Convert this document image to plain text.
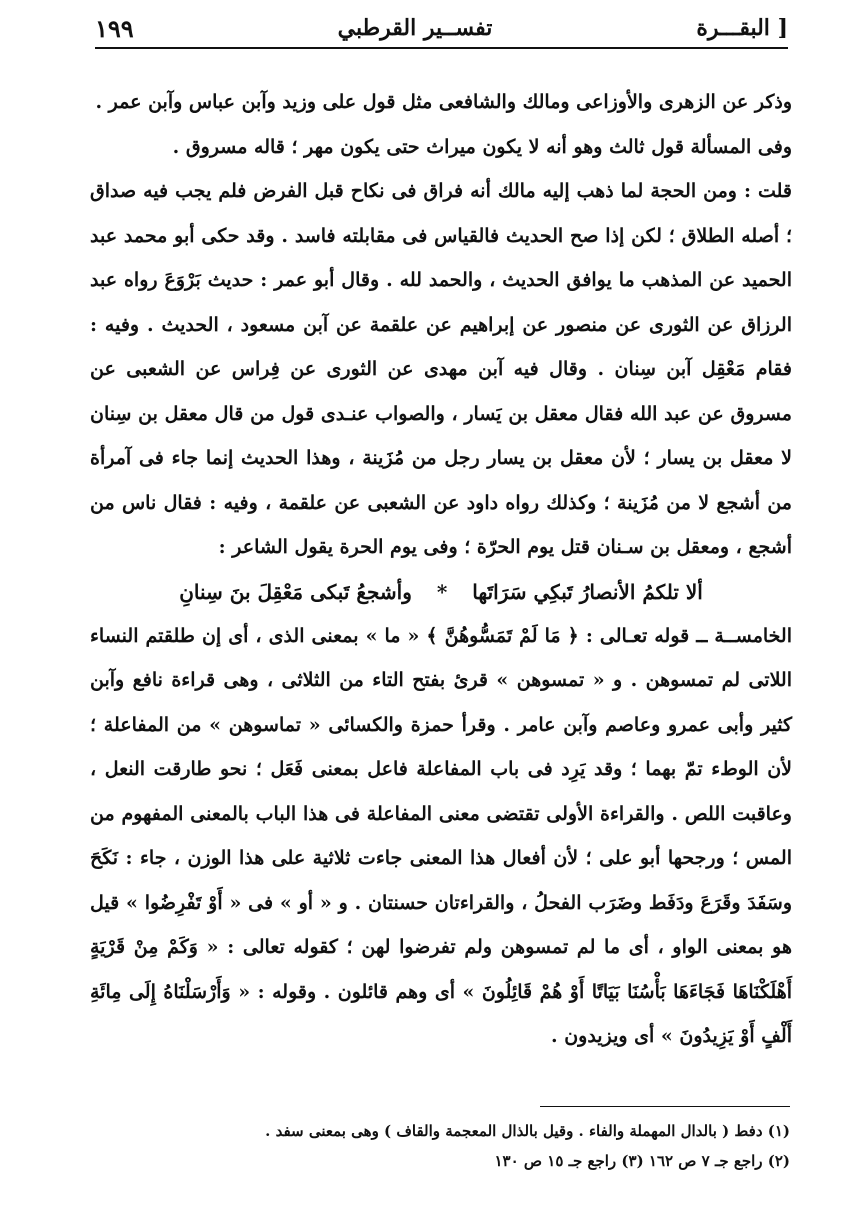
١٩٩	تفســير القرطبي	البقـــرة ]

وذكر عن الزهرى والأوزاعى ومالك والشافعى مثل قول على وزيد وآبن عباس وآبن عمر .

وفى المسألة قول ثالث وهو أنه لا يكون ميراث حتى يكون مهر ؛ قاله مسروق .

قلت : ومن الحجة لما ذهب إليه مالك أنه فراق فى نكاح قبل الفرض فلم يجب فيه صداق ؛ أصله الطلاق ؛ لكن إذا صح الحديث فالقياس فى مقابلته فاسد . وقد حكى أبو محمد عبد الحميد عن المذهب ما يوافق الحديث ، والحمد لله . وقال أبو عمر : حديث بَرْوَعَ رواه عبد الرزاق عن الثورى عن منصور عن إبراهيم عن علقمة عن آبن مسعود ، الحديث . وفيه : فقام مَعْقِل آبن سِنان . وقال فيه آبن مهدى عن الثورى عن فِراس عن الشعبى عن مسروق عن عبد الله فقال معقل بن يَسار ، والصواب عنـدى قول من قال معقل بن سِنان لا معقل بن يسار ؛ لأن معقل بن يسار رجل من مُزَينة ، وهذا الحديث إنما جاء فى آمرأة من أشجع لا من مُزَينة ؛ وكذلك رواه داود عن الشعبى عن علقمة ، وفيه : فقال ناس من أشجع ، ومعقل بن سـنان قتل يوم الحرّة ؛ وفى يوم الحرة يقول الشاعر :

ألا تلكمُ الأنصارُ تَبكِي سَرَاتَها * وأشجعُ تَبكى مَعْقِلَ بنَ سِنانِ

الخامســة ــ قوله تعـالى : ﴿ مَا لَمْ تَمَسُّوهُنَّ ﴾ « ما » بمعنى الذى ، أى إن طلقتم النساء اللاتى لم تمسوهن . و « تمسوهن » قرئ بفتح التاء من الثلاثى ، وهى قراءة نافع وآبن كثير وأبى عمرو وعاصم وآبن عامر . وقرأ حمزة والكسائى « تماسوهن » من المفاعلة ؛ لأن الوطء تمّ بهما ؛ وقد يَرِد فى باب المفاعلة فاعل بمعنى فَعَل ؛ نحو طارقت النعل ، وعاقبت اللص . والقراءة الأولى تقتضى معنى المفاعلة فى هذا الباب بالمعنى المفهوم من المس ؛ ورجحها أبو على ؛ لأن أفعال هذا المعنى جاءت ثلاثية على هذا الوزن ، جاء : نَكَحَ وسَفَدَ وقَرَعَ ودَفَط وضَرَب الفحلُ ، والقراءتان حسنتان . و « أو » فى « أَوْ تَفْرِضُوا » قيل هو بمعنى الواو ، أى ما لم تمسوهن ولم تفرضوا لهن ؛ كقوله تعالى : « وَكَمْ مِنْ قَرْيَةٍ أَهْلَكْنَاهَا فَجَاءَهَا بَأْسُنَا بَيَاتًا أَوْ هُمْ قَائِلُونَ » أى وهم قائلون . وقوله : « وَأَرْسَلْنَاهُ إِلَى مِائَةِ أَلْفٍ أَوْ يَزِيدُونَ » أى ويزيدون .

(١) دفط ( بالدال المهملة والفاء . وقيل بالذال المعجمة والقاف ) وهى بمعنى سفد .
(٢) راجع جـ ٧ ص ١٦٢ (٣) راجع جـ ١٥ ص ١٣٠
